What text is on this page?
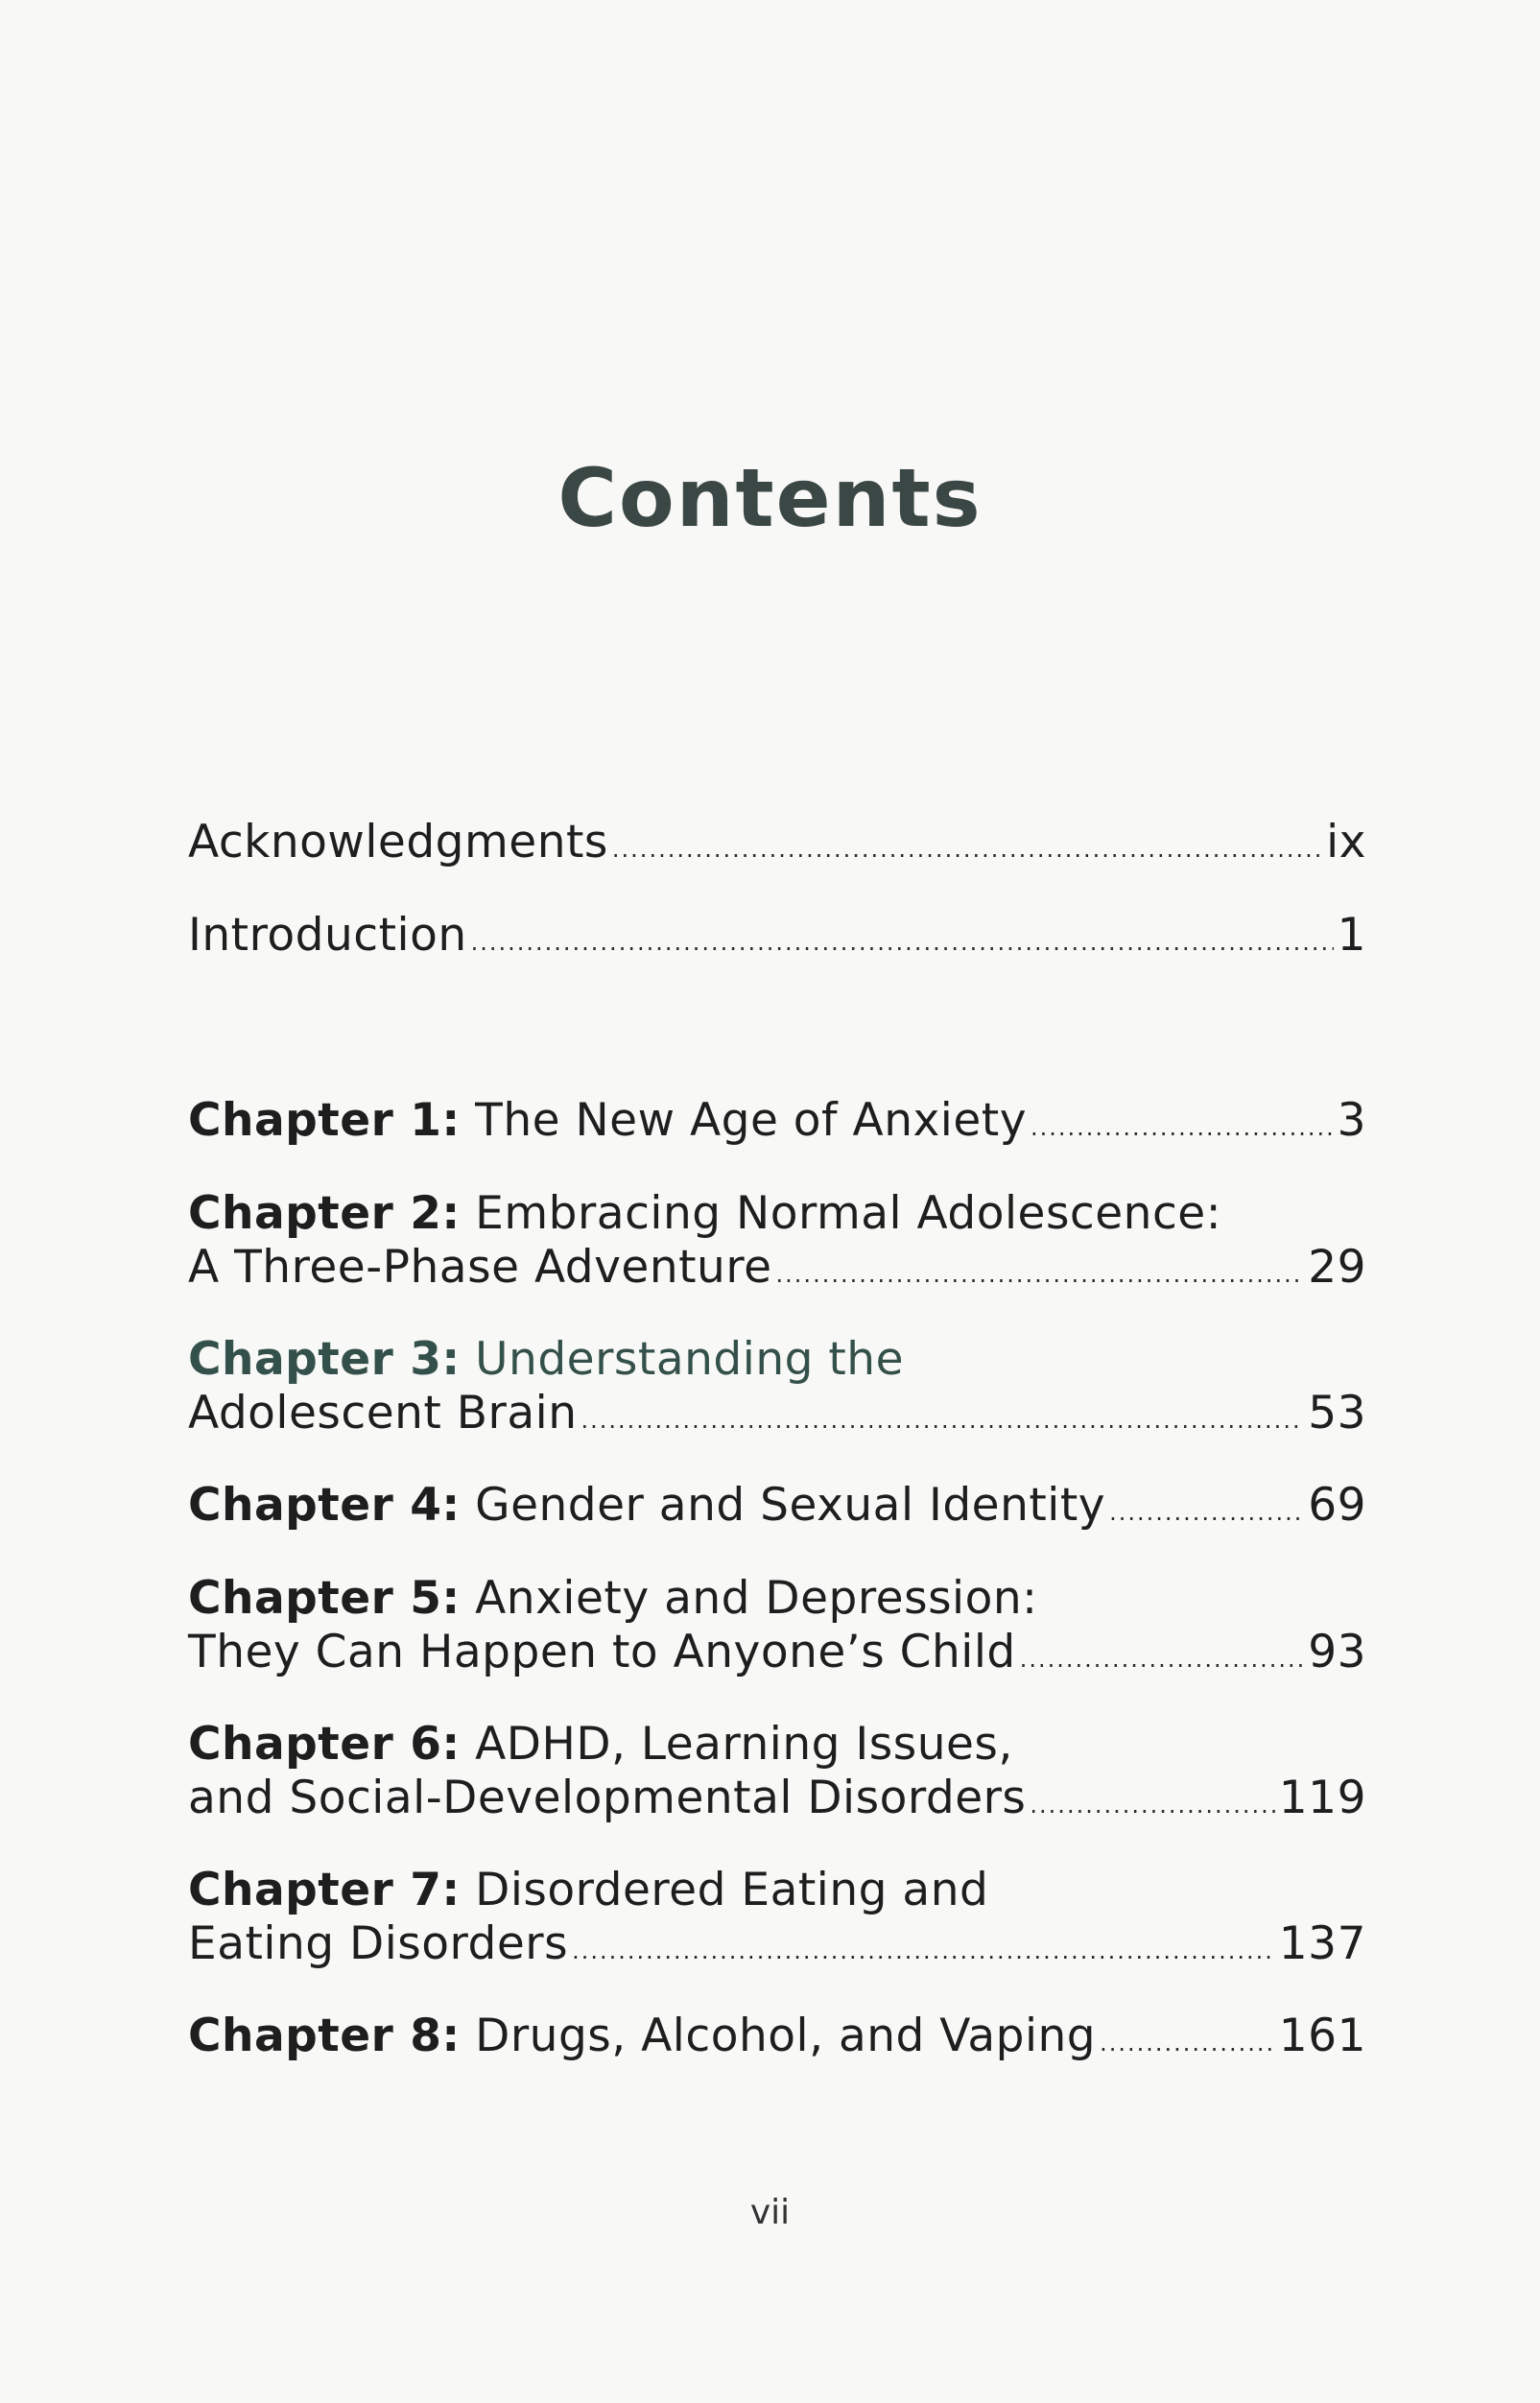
Contents
Acknowledgments .....	ix
Introduction .....	1
Chapter 1:
The New Age of Anxiety .....	3
Chapter 2: Embracing Normal Adolescence:
A Three-Phase Adventure .....	29
Chapter 3: Understanding the
Adolescent Brain .....	53
Chapter 4:
Gender and Sexual Identity .....	69
Chapter 5: Anxiety and Depression:
They Can Happen to Anyone’s Child .....	93
Chapter 6: ADHD, Learning Issues,
and Social-Developmental Disorders .....	119
Chapter 7: Disordered Eating and
Eating Disorders .....	137
Chapter 8:
Drugs, Alcohol, and Vaping .....	161
vii
